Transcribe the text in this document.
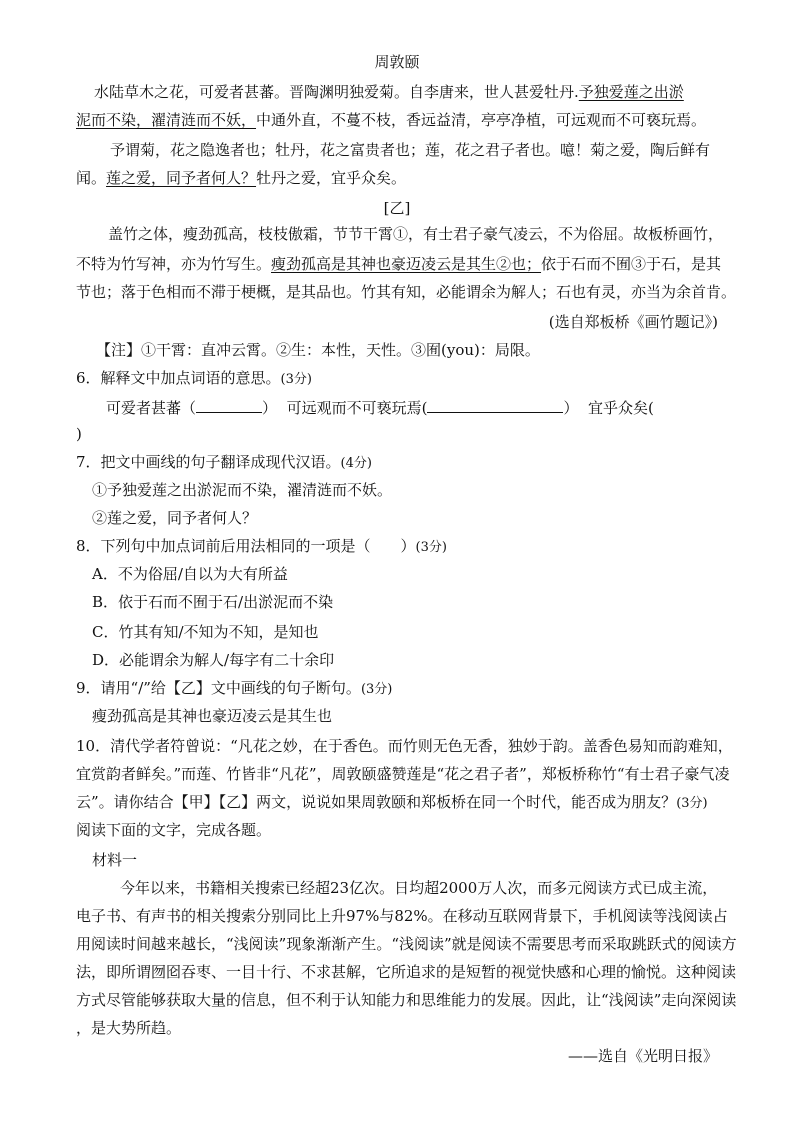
周敦颐
水陆草木之花，可爱者甚蕃。晋陶渊明独爱菊。自李唐来，世人甚爱牡丹.予独爱莲之出淤
泥而不染，濯清涟而不妖，中通外直，不蔓不枝，香远益清，亭亭净植，可远观而不可亵玩焉。
予谓菊，花之隐逸者也；牡丹，花之富贵者也；莲，花之君子者也。噫！菊之爱，陶后鲜有
闻。莲之爱，同予者何人？牡丹之爱，宜乎众矣。
[乙]
盖竹之体，瘦劲孤高，枝枝傲霜，节节干霄①，有士君子豪气凌云，不为俗屈。故板桥画竹，
不特为竹写神，亦为竹写生。瘦劲孤高是其神也豪迈凌云是其生②也；依于石而不囿③于石，是其
节也；落于色相而不滞于梗概，是其品也。竹其有知，必能谓余为解人；石也有灵，亦当为余首肯。
(选自郑板桥《画竹题记》)
【注】①干霄：直冲云霄。②生：本性，天性。③囿(you)：局限。
6．解释文中加点词语的意思。(3分)
可爱者甚蕃（	） 可远观而不可亵玩焉(	） 宜乎众矣(
)
7．把文中画线的句子翻译成现代汉语。(4分)
①予独爱莲之出淤泥而不染，濯清涟而不妖。
②莲之爱，同予者何人？
8．下列句中加点词前后用法相同的一项是（　　）(3分)
A．不为俗屈/自以为大有所益
B．依于石而不囿于石/出淤泥而不染
C．竹其有知/不知为不知，是知也
D．必能谓余为解人/每字有二十余印
9．请用“/”给【乙】文中画线的句子断句。(3分)
瘦劲孤高是其神也豪迈凌云是其生也
10．清代学者符曾说：“凡花之妙，在于香色。而竹则无色无香，独妙于韵。盖香色易知而韵难知，
宜赏韵者鲜矣。”而莲、竹皆非“凡花”，周敦颐盛赞莲是“花之君子者”，郑板桥称竹“有士君子豪气凌
云”。请你结合【甲】【乙】两文，说说如果周敦颐和郑板桥在同一个时代，能否成为朋友？(3分)
阅读下面的文字，完成各题。
材料一
今年以来，书籍相关搜索已经超23亿次。日均超2000万人次，而多元阅读方式已成主流，
电子书、有声书的相关搜索分别同比上升97%与82%。在移动互联网背景下，手机阅读等浅阅读占
用阅读时间越来越长，“浅阅读”现象渐渐产生。“浅阅读”就是阅读不需要思考而采取跳跃式的阅读方
法，即所谓囫囵吞枣、一目十行、不求甚解，它所追求的是短暂的视觉快感和心理的愉悦。这种阅读
方式尽管能够获取大量的信息，但不利于认知能力和思维能力的发展。因此，让“浅阅读”走向深阅读
，是大势所趋。
——选自《光明日报》
